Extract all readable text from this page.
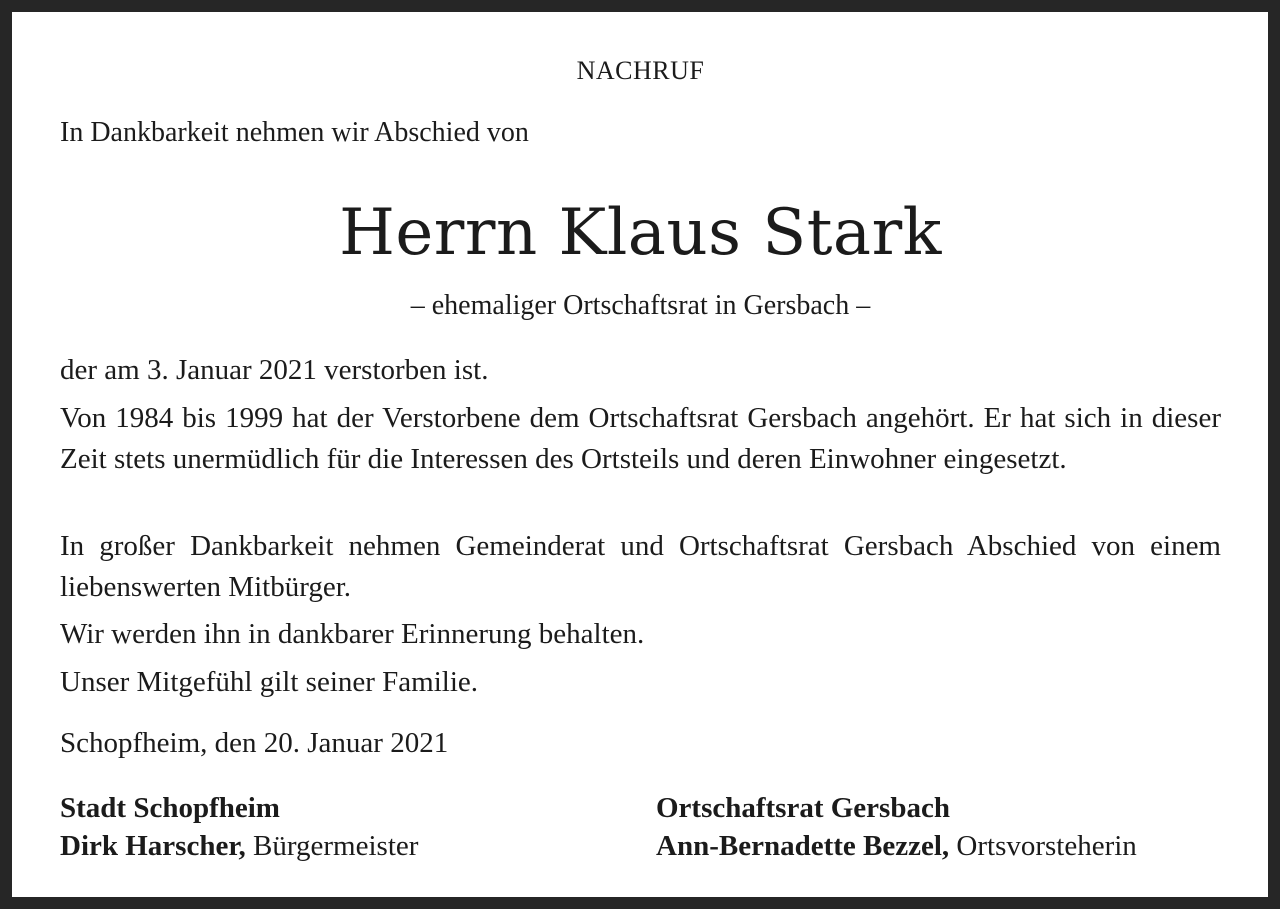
NACHRUF
In Dankbarkeit nehmen wir Abschied von
Herrn Klaus Stark
– ehemaliger Ortschaftsrat in Gersbach –
der am 3. Januar 2021 verstorben ist.
Von 1984 bis 1999 hat der Verstorbene dem Ortschaftsrat Gersbach angehört. Er hat sich in dieser Zeit stets unermüdlich für die Interessen des Ortsteils und deren Einwohner eingesetzt.
In großer Dankbarkeit nehmen Gemeinderat und Ortschaftsrat Gersbach Abschied von einem liebenswerten Mitbürger.
Wir werden ihn in dankbarer Erinnerung behalten.
Unser Mitgefühl gilt seiner Familie.
Schopfheim, den 20. Januar 2021
Stadt Schopfheim
Dirk Harscher, Bürgermeister
Ortschaftsrat Gersbach
Ann-Bernadette Bezzel, Ortsvorsteherin
